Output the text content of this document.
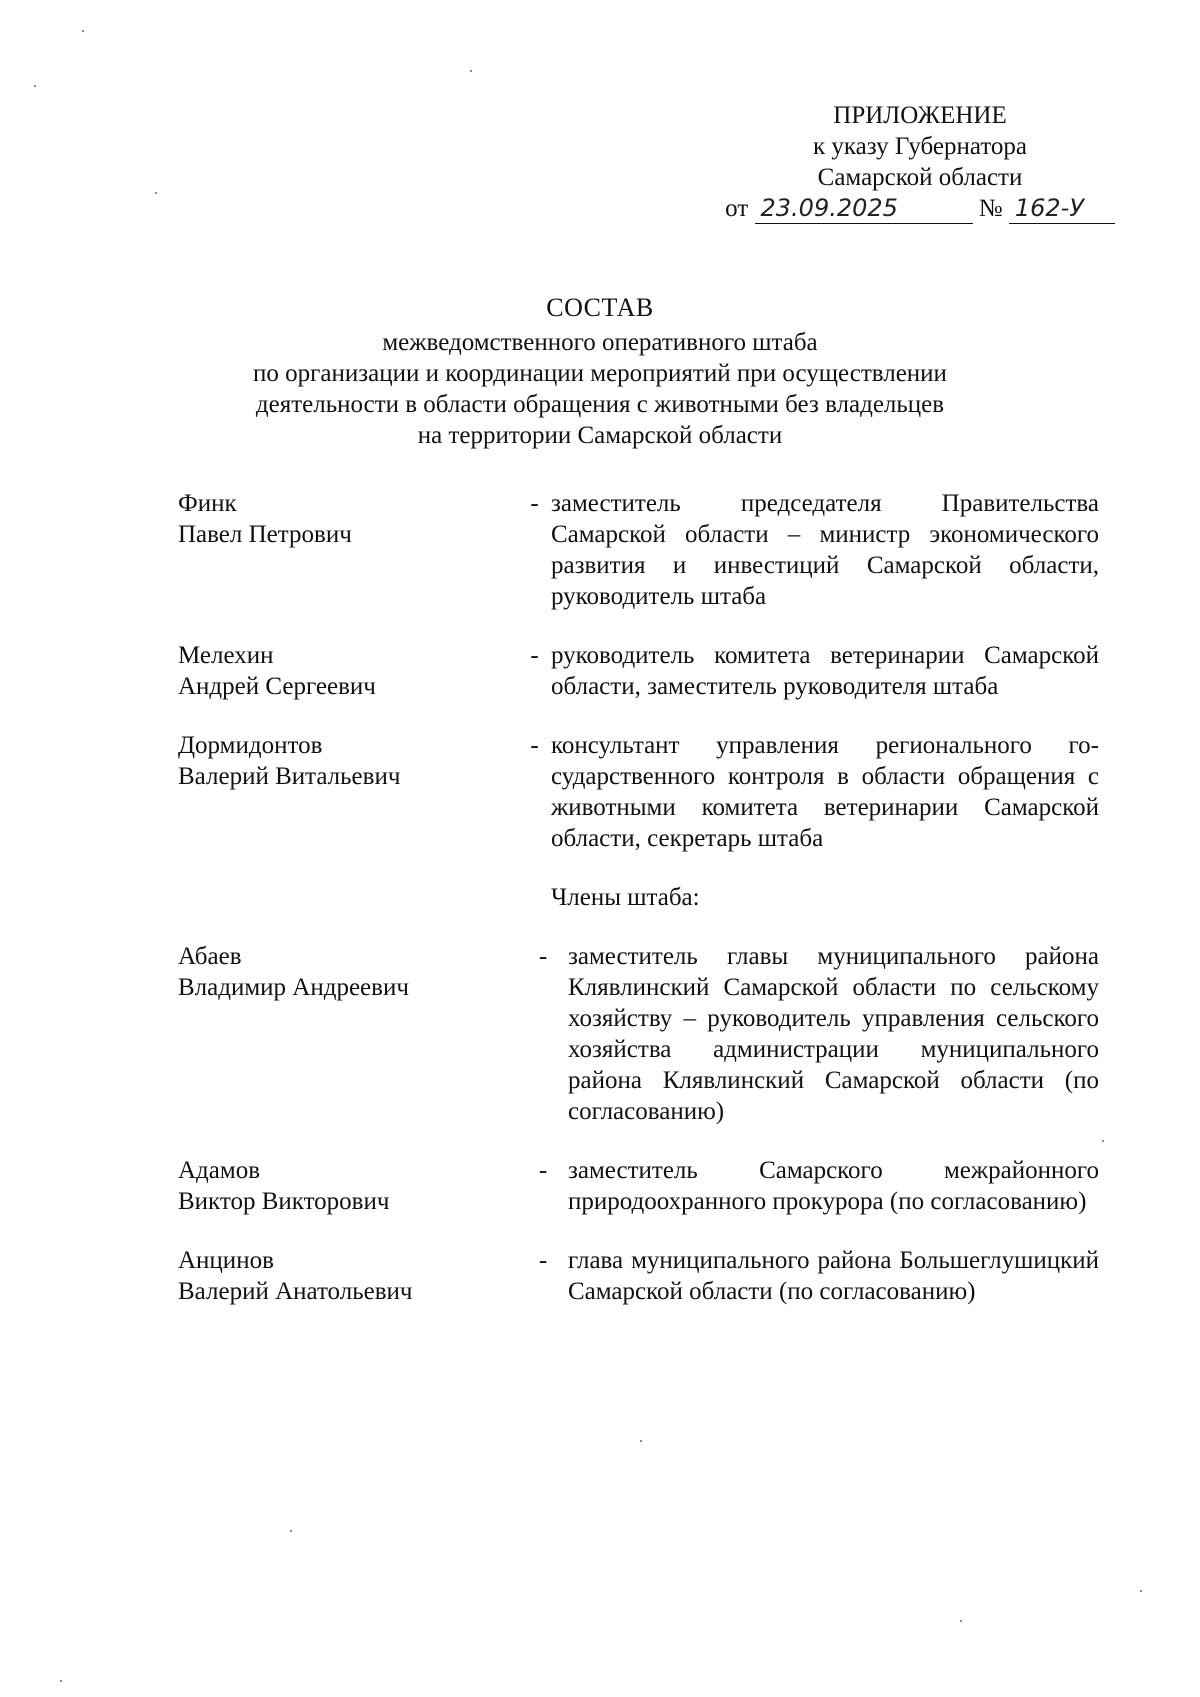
ПРИЛОЖЕНИЕ
к указу Губернатора
Самарской области
от 23.09.2025	№ 162-У
СОСТАВ
межведомственного оперативного штаба
по организации и координации мероприятий при осуществлении
деятельности в области обращения с животными без владельцев
на территории Самарской области
Финк
Павел Петрович
- заместитель председателя Правительства Самарской области – министр экономического развития и инвестиций Самарской области, руководитель штаба
Мелехин
Андрей Сергеевич
- руководитель комитета ветеринарии Самарской области, заместитель руководителя штаба
Дормидонтов
Валерий Витальевич
- консультант управления регионального государственного контроля в области обращения с животными комитета ветеринарии Самарской области, секретарь штаба
Члены штаба:
Абаев
Владимир Андреевич
- заместитель главы муниципального района Клявлинский Самарской области по сельскому хозяйству – руководитель управления сельского хозяйства администрации муниципального района Клявлинский Самарской области (по согласованию)
Адамов
Виктор Викторович
- заместитель Самарского межрайонного природоохранного прокурора (по согласованию)
Анцинов
Валерий Анатольевич
- глава муниципального района Большеглушицкий Самарской области (по согласованию)
